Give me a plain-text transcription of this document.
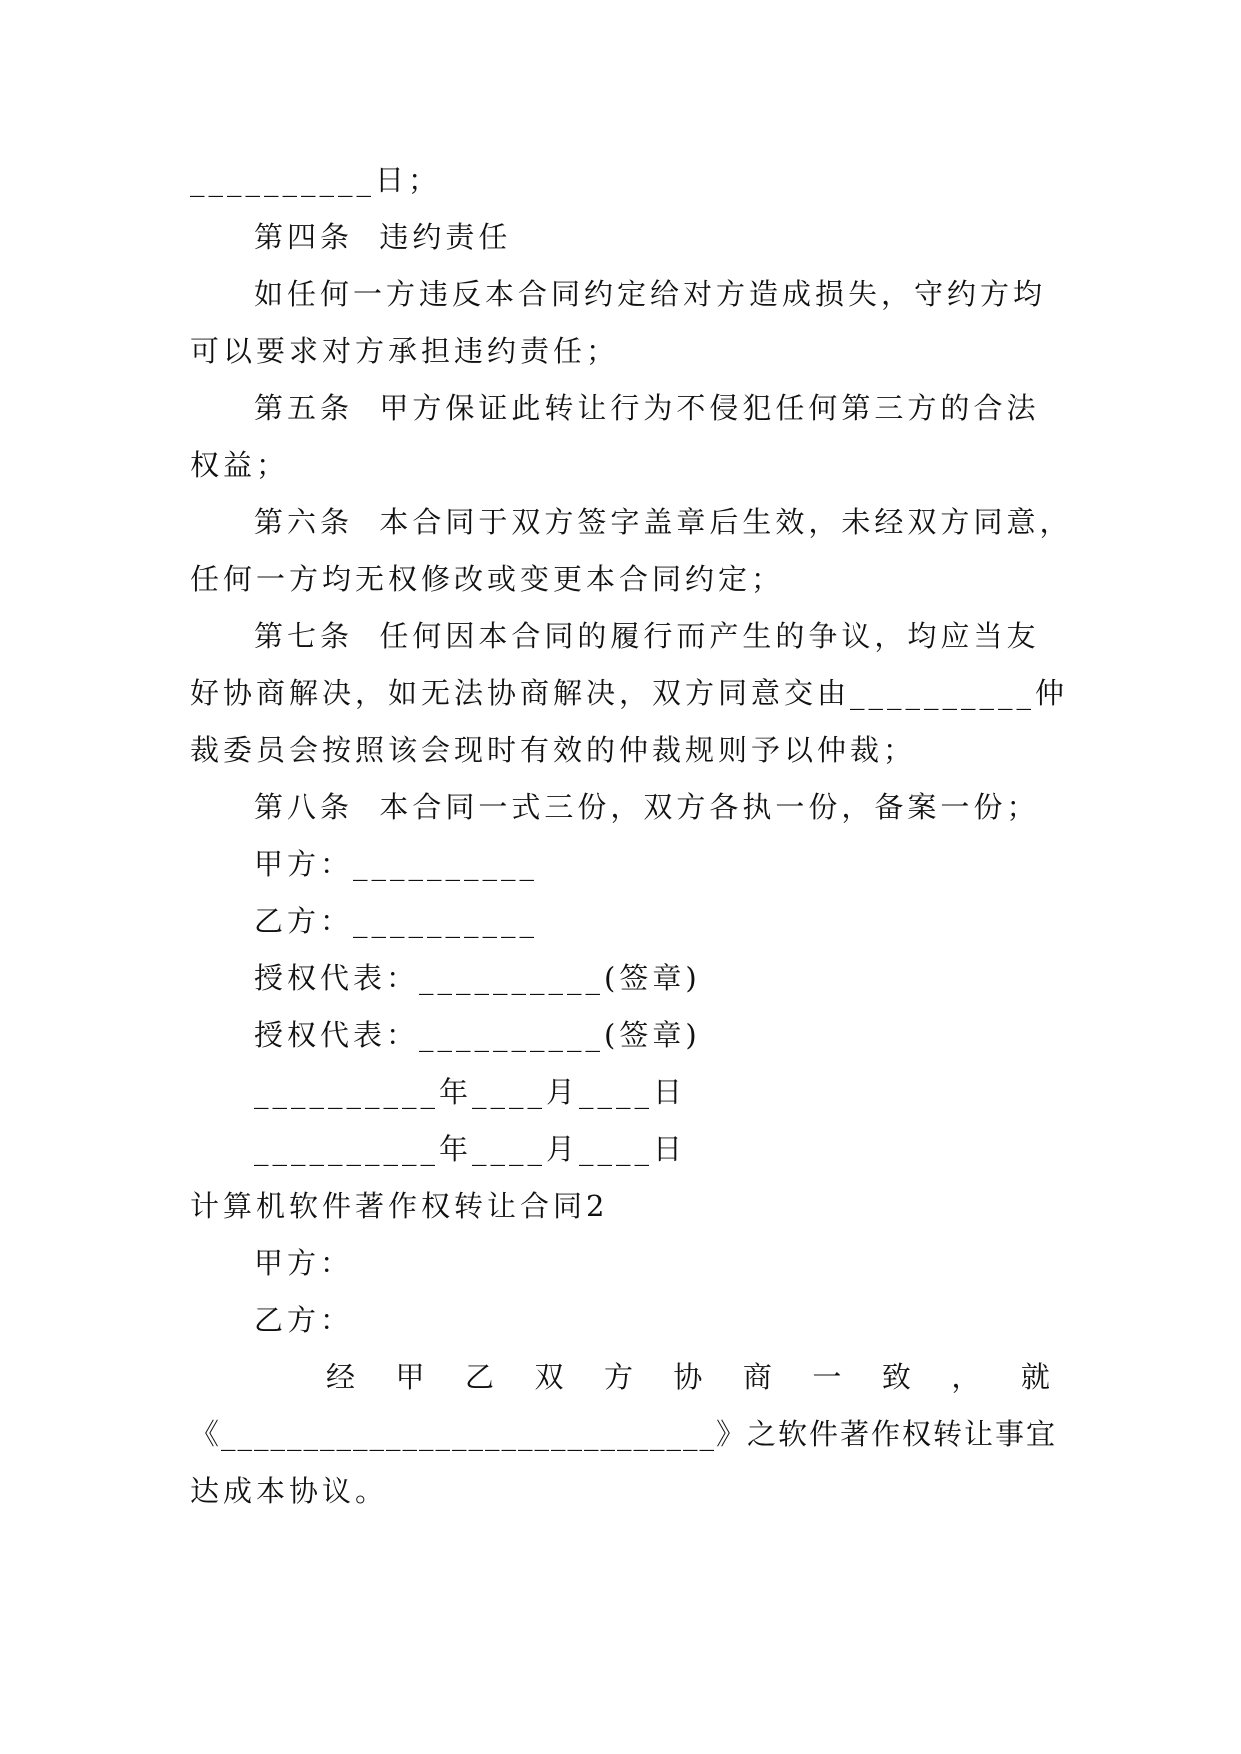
__________日；
第四条  违约责任
如任何一方违反本合同约定给对方造成损失，守约方均
可以要求对方承担违约责任；
第五条  甲方保证此转让行为不侵犯任何第三方的合法
权益；
第六条  本合同于双方签字盖章后生效，未经双方同意，
任何一方均无权修改或变更本合同约定；
第七条  任何因本合同的履行而产生的争议，均应当友
好协商解决，如无法协商解决，双方同意交由__________仲
裁委员会按照该会现时有效的仲裁规则予以仲裁；
第八条  本合同一式三份，双方各执一份，备案一份；
甲方：__________
乙方：__________
授权代表：__________(签章)
授权代表：__________(签章)
__________年____月____日
__________年____月____日
计算机软件著作权转让合同2
甲方：
乙方：
经 甲 乙 双 方 协 商 一 致 ， 就
《______________________________》之软件著作权转让事宜
达成本协议。
